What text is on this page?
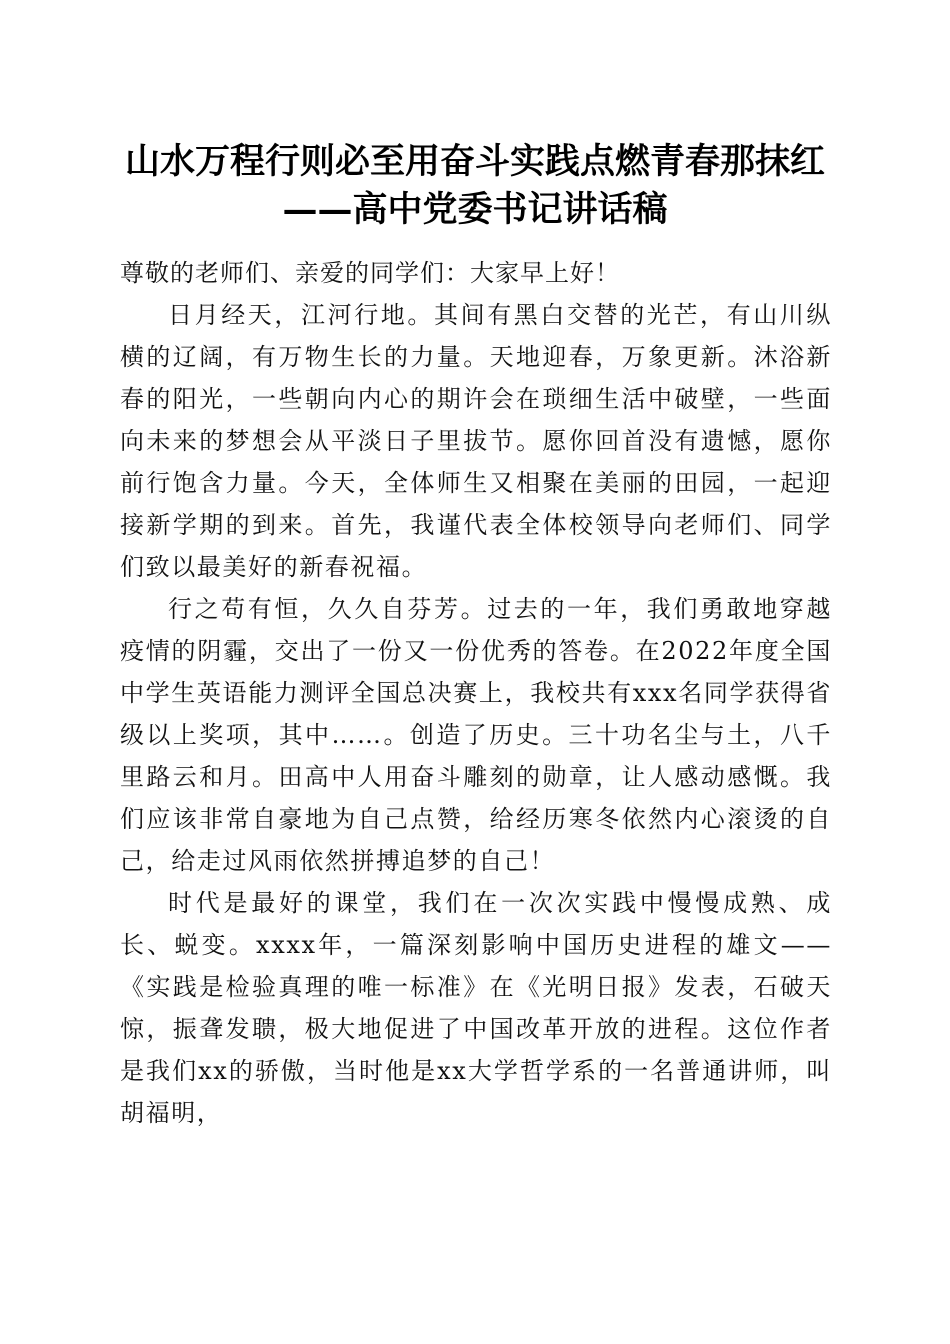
山水万程行则必至用奋斗实践点燃青春那抹红
——高中党委书记讲话稿

尊敬的老师们、亲爱的同学们：大家早上好！

日月经天，江河行地。其间有黑白交替的光芒，有山川纵横的辽阔，有万物生长的力量。天地迎春，万象更新。沐浴新春的阳光，一些朝向内心的期许会在琐细生活中破壁，一些面向未来的梦想会从平淡日子里拔节。愿你回首没有遗憾，愿你前行饱含力量。今天，全体师生又相聚在美丽的田园，一起迎接新学期的到来。首先，我谨代表全体校领导向老师们、同学们致以最美好的新春祝福。

行之苟有恒，久久自芬芳。过去的一年，我们勇敢地穿越疫情的阴霾，交出了一份又一份优秀的答卷。在2022年度全国中学生英语能力测评全国总决赛上，我校共有xxx名同学获得省级以上奖项，其中……。创造了历史。三十功名尘与土，八千里路云和月。田高中人用奋斗雕刻的勋章，让人感动感慨。我们应该非常自豪地为自己点赞，给经历寒冬依然内心滚烫的自己，给走过风雨依然拼搏追梦的自己！

时代是最好的课堂，我们在一次次实践中慢慢成熟、成长、蜕变。xxxx年，一篇深刻影响中国历史进程的雄文——《实践是检验真理的唯一标准》在《光明日报》发表，石破天惊，振聋发聩，极大地促进了中国改革开放的进程。这位作者是我们xx的骄傲，当时他是xx大学哲学系的一名普通讲师，叫胡福明，
